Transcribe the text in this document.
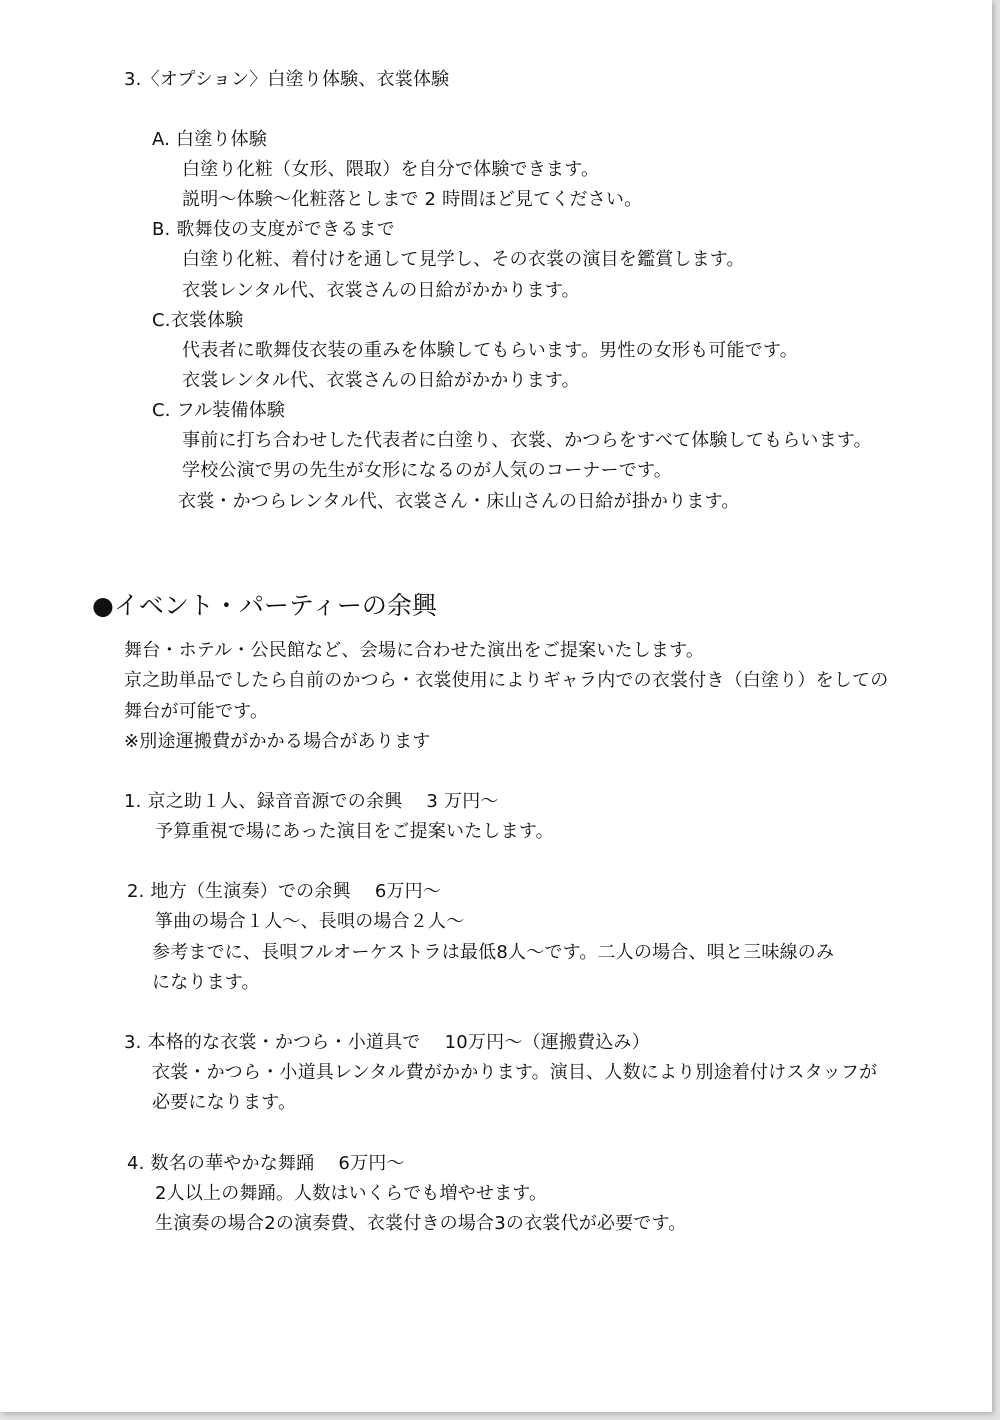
3.〈オプション〉白塗り体験、衣裳体験
A. 白塗り体験
白塗り化粧（女形、隈取）を自分で体験できます。
説明～体験～化粧落としまで 2 時間ほど見てください。
B. 歌舞伎の支度ができるまで
白塗り化粧、着付けを通して見学し、その衣裳の演目を鑑賞します。
衣裳レンタル代、衣裳さんの日給がかかります。
C.衣裳体験
代表者に歌舞伎衣装の重みを体験してもらいます。男性の女形も可能です。
衣裳レンタル代、衣裳さんの日給がかかります。
C. フル装備体験
事前に打ち合わせした代表者に白塗り、衣裳、かつらをすべて体験してもらいます。
学校公演で男の先生が女形になるのが人気のコーナーです。
衣裳・かつらレンタル代、衣裳さん・床山さんの日給が掛かります。
●イベント・パーティーの余興
舞台・ホテル・公民館など、会場に合わせた演出をご提案いたします。
京之助単品でしたら自前のかつら・衣裳使用によりギャラ内での衣裳付き（白塗り）をしての
舞台が可能です。
※別途運搬費がかかる場合があります
1. 京之助１人、録音音源での余興　 3 万円～
予算重視で場にあった演目をご提案いたします。
2. 地方（生演奏）での余興　 6万円～
箏曲の場合１人～、長唄の場合２人～
参考までに、長唄フルオーケストラは最低8人～です。二人の場合、唄と三味線のみ
になります。
3. 本格的な衣裳・かつら・小道具で　 10万円～（運搬費込み）
衣裳・かつら・小道具レンタル費がかかります。演目、人数により別途着付けスタッフが
必要になります。
4. 数名の華やかな舞踊　 6万円～
2人以上の舞踊。人数はいくらでも増やせます。
生演奏の場合2の演奏費、衣裳付きの場合3の衣裳代が必要です。
